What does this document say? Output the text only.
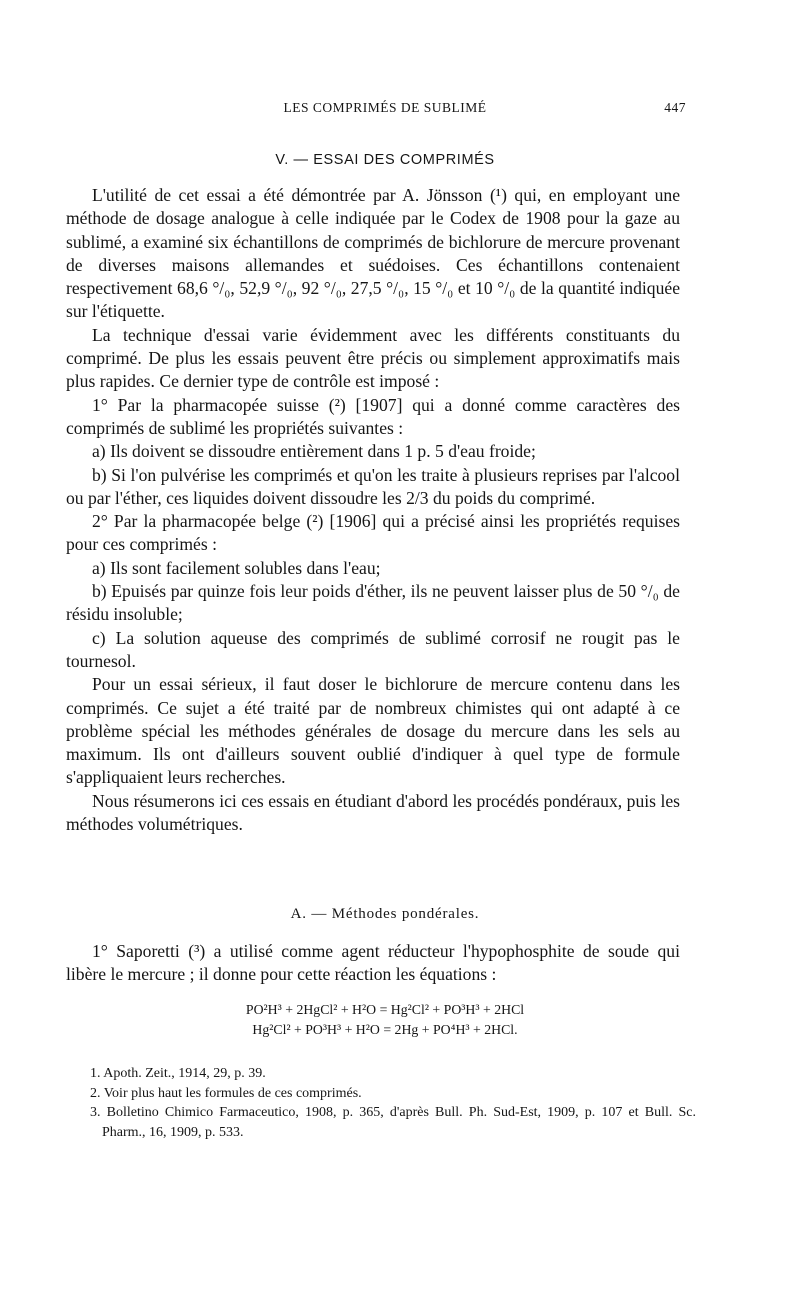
LES COMPRIMÉS DE SUBLIMÉ	447
V. — ESSAI DES COMPRIMÉS

L'utilité de cet essai a été démontrée par A. Jönsson (¹) qui, en employant une méthode de dosage analogue à celle indiquée par le Codex de 1908 pour la gaze au sublimé, a examiné six échantillons de comprimés de bichlorure de mercure provenant de diverses maisons allemandes et suédoises. Ces échantillons contenaient respectivement 68,6 °/₀, 52,9 °/₀, 92 °/₀, 27,5 °/₀, 15 °/₀ et 10 °/₀ de la quantité indiquée sur l'étiquette.

La technique d'essai varie évidemment avec les différents constituants du comprimé. De plus les essais peuvent être précis ou simplement approximatifs mais plus rapides. Ce dernier type de contrôle est imposé :

1° Par la pharmacopée suisse (²) [1907] qui a donné comme caractères des comprimés de sublimé les propriétés suivantes :

a) Ils doivent se dissoudre entièrement dans 1 p. 5 d'eau froide;

b) Si l'on pulvérise les comprimés et qu'on les traite à plusieurs reprises par l'alcool ou par l'éther, ces liquides doivent dissoudre les 2/3 du poids du comprimé.

2° Par la pharmacopée belge (²) [1906] qui a précisé ainsi les propriétés requises pour ces comprimés :

a) Ils sont facilement solubles dans l'eau;

b) Epuisés par quinze fois leur poids d'éther, ils ne peuvent laisser plus de 50 °/₀ de résidu insoluble;

c) La solution aqueuse des comprimés de sublimé corrosif ne rougit pas le tournesol.

Pour un essai sérieux, il faut doser le bichlorure de mercure contenu dans les comprimés. Ce sujet a été traité par de nombreux chimistes qui ont adapté à ce problème spécial les méthodes générales de dosage du mercure dans les sels au maximum. Ils ont d'ailleurs souvent oublié d'indiquer à quel type de formule s'appliquaient leurs recherches.

Nous résumerons ici ces essais en étudiant d'abord les procédés pondéraux, puis les méthodes volumétriques.

A. — Méthodes pondérales.

1° Saporetti (³) a utilisé comme agent réducteur l'hypophosphite de soude qui libère le mercure ; il donne pour cette réaction les équations :

PO²H³ + 2HgCl² + H²O = Hg²Cl² + PO³H³ + 2HCl
Hg²Cl² + PO³H³ + H²O = 2Hg + PO⁴H³ + 2HCl.

1. Apoth. Zeit., 1914, 29, p. 39.

2. Voir plus haut les formules de ces comprimés.

3. Bolletino Chimico Farmaceutico, 1908, p. 365, d'après Bull. Ph. Sud-Est, 1909, p. 107 et Bull. Sc. Pharm., 16, 1909, p. 533.
